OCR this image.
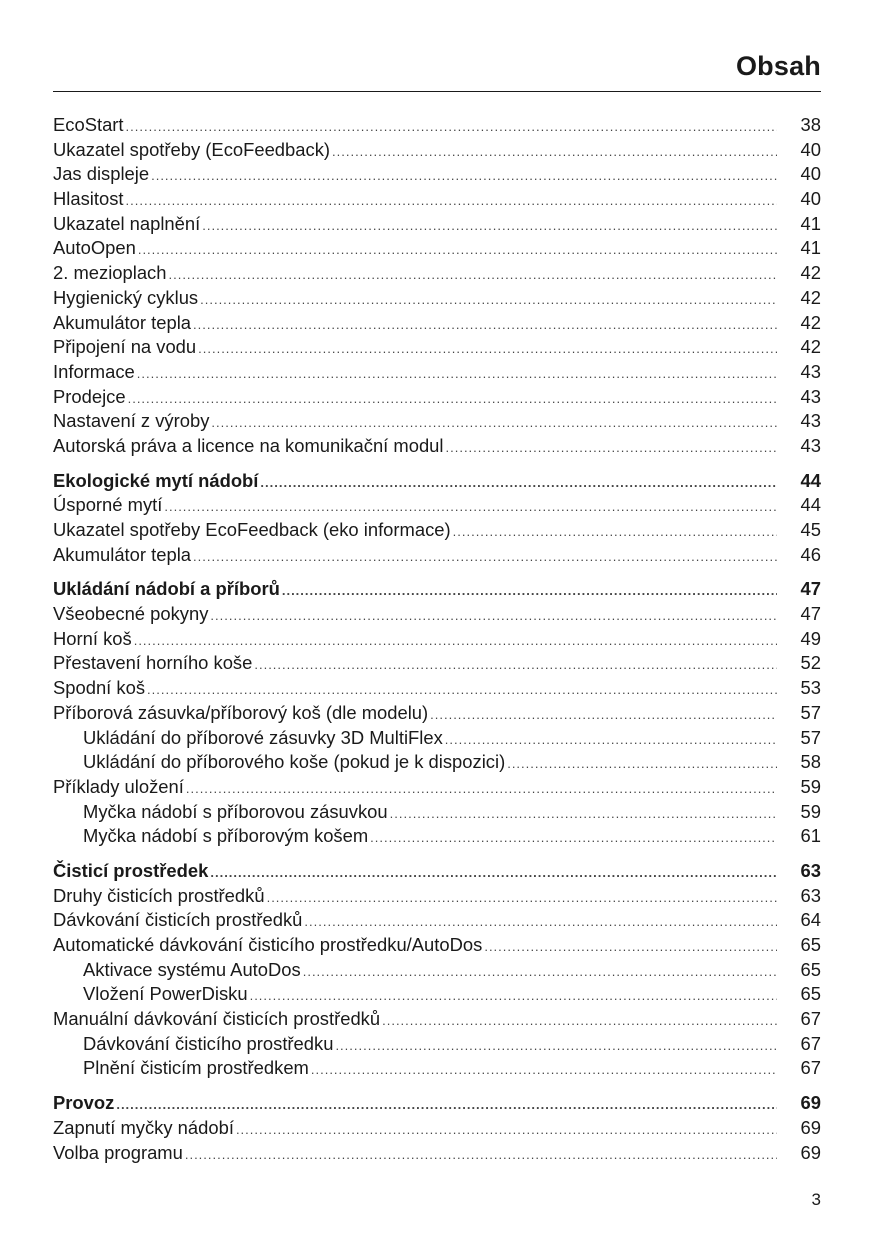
Obsah
EcoStart .....	38
Ukazatel spotřeby (EcoFeedback) .....	40
Jas displeje .....	40
Hlasitost .....	40
Ukazatel naplnění .....	41
AutoOpen .....	41
2. mezioplach .....	42
Hygienický cyklus .....	42
Akumulátor tepla .....	42
Připojení na vodu .....	42
Informace .....	43
Prodejce .....	43
Nastavení z výroby .....	43
Autorská práva a licence na komunikační modul .....	43
Ekologické mytí nádobí .....	44
Úsporné mytí .....	44
Ukazatel spotřeby EcoFeedback (eko informace) .....	45
Akumulátor tepla .....	46
Ukládání nádobí a příborů .....	47
Všeobecné pokyny .....	47
Horní koš .....	49
Přestavení horního koše .....	52
Spodní koš .....	53
Příborová zásuvka/příborový koš (dle modelu) .....	57
Ukládání do příborové zásuvky 3D MultiFlex .....	57
Ukládání do příborového koše (pokud je k dispozici) .....	58
Příklady uložení .....	59
Myčka nádobí s příborovou zásuvkou .....	59
Myčka nádobí s příborovým košem .....	61
Čisticí prostředek .....	63
Druhy čisticích prostředků .....	63
Dávkování čisticích prostředků .....	64
Automatické dávkování čisticího prostředku/AutoDos .....	65
Aktivace systému AutoDos .....	65
Vložení PowerDisku .....	65
Manuální dávkování čisticích prostředků .....	67
Dávkování čisticího prostředku .....	67
Plnění čisticím prostředkem .....	67
Provoz .....	69
Zapnutí myčky nádobí .....	69
Volba programu .....	69
3
